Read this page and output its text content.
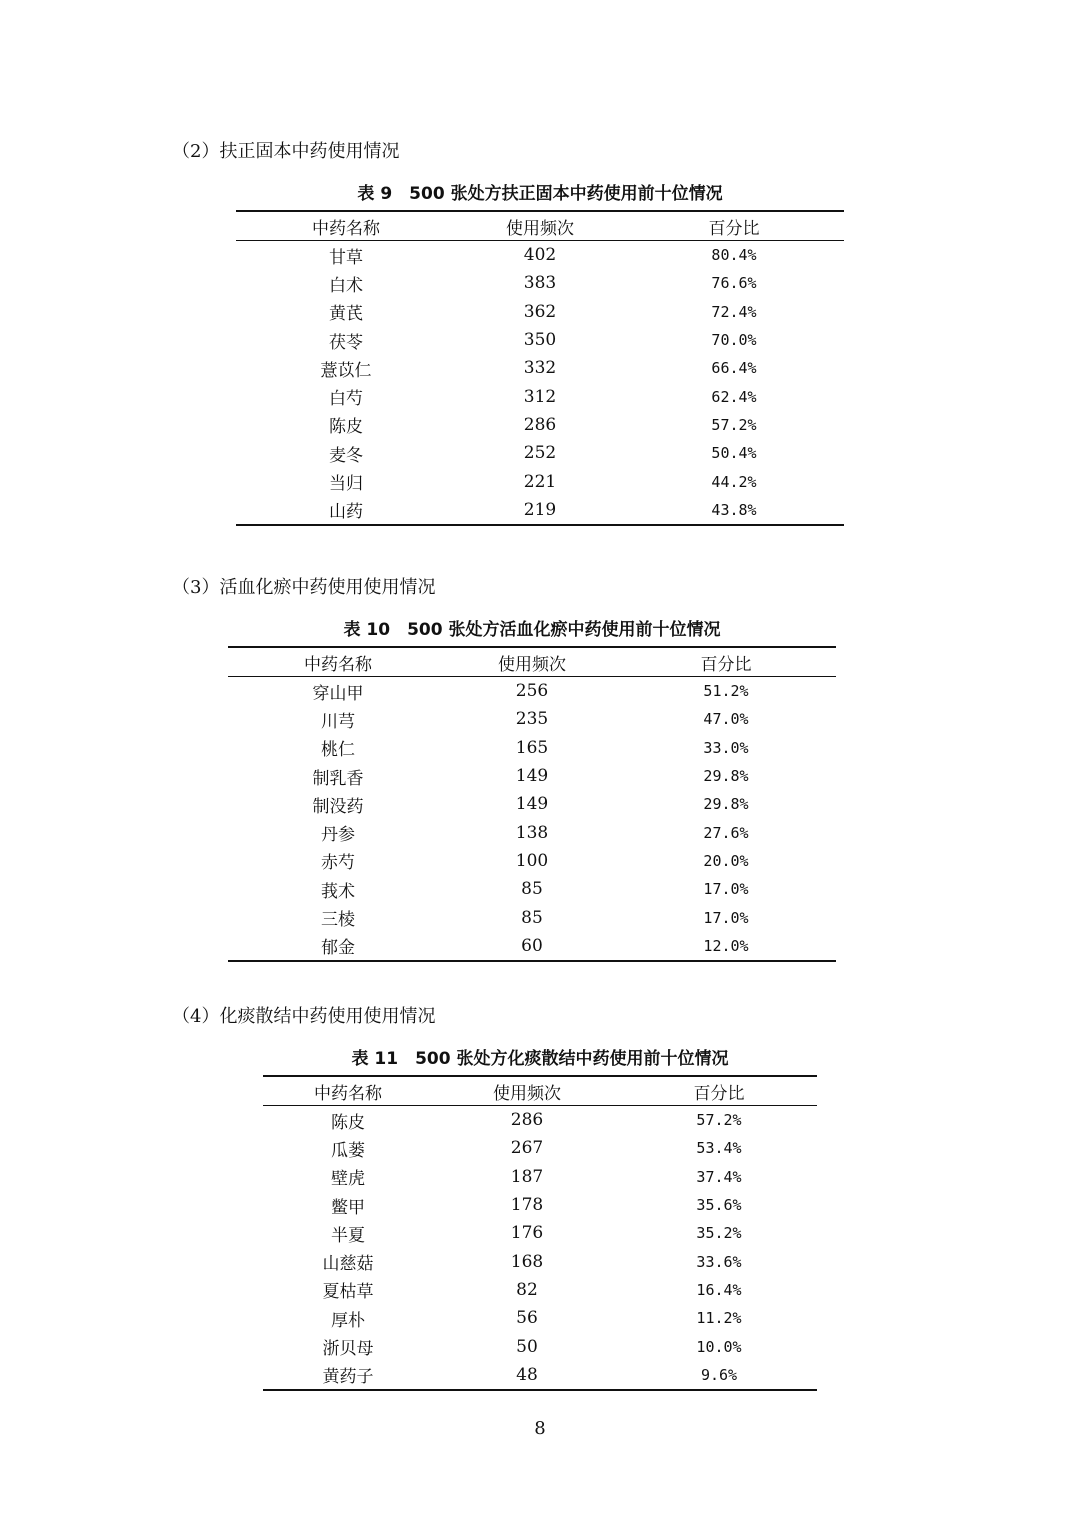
（2）扶正固本中药使用情况
表 9　500 张处方扶正固本中药使用前十位情况
中药名称	使用频次	百分比
甘草	402	80.4%
白术	383	76.6%
黄芪	362	72.4%
茯苓	350	70.0%
薏苡仁	332	66.4%
白芍	312	62.4%
陈皮	286	57.2%
麦冬	252	50.4%
当归	221	44.2%
山药	219	43.8%
（3）活血化瘀中药使用使用情况
表 10　500 张处方活血化瘀中药使用前十位情况
中药名称	使用频次	百分比
穿山甲	256	51.2%
川芎	235	47.0%
桃仁	165	33.0%
制乳香	149	29.8%
制没药	149	29.8%
丹参	138	27.6%
赤芍	100	20.0%
莪术	85	17.0%
三棱	85	17.0%
郁金	60	12.0%
（4）化痰散结中药使用使用情况
表 11　500 张处方化痰散结中药使用前十位情况
中药名称	使用频次	百分比
陈皮	286	57.2%
瓜蒌	267	53.4%
壁虎	187	37.4%
鳖甲	178	35.6%
半夏	176	35.2%
山慈菇	168	33.6%
夏枯草	82	16.4%
厚朴	56	11.2%
浙贝母	50	10.0%
黄药子	48	9.6%
8
